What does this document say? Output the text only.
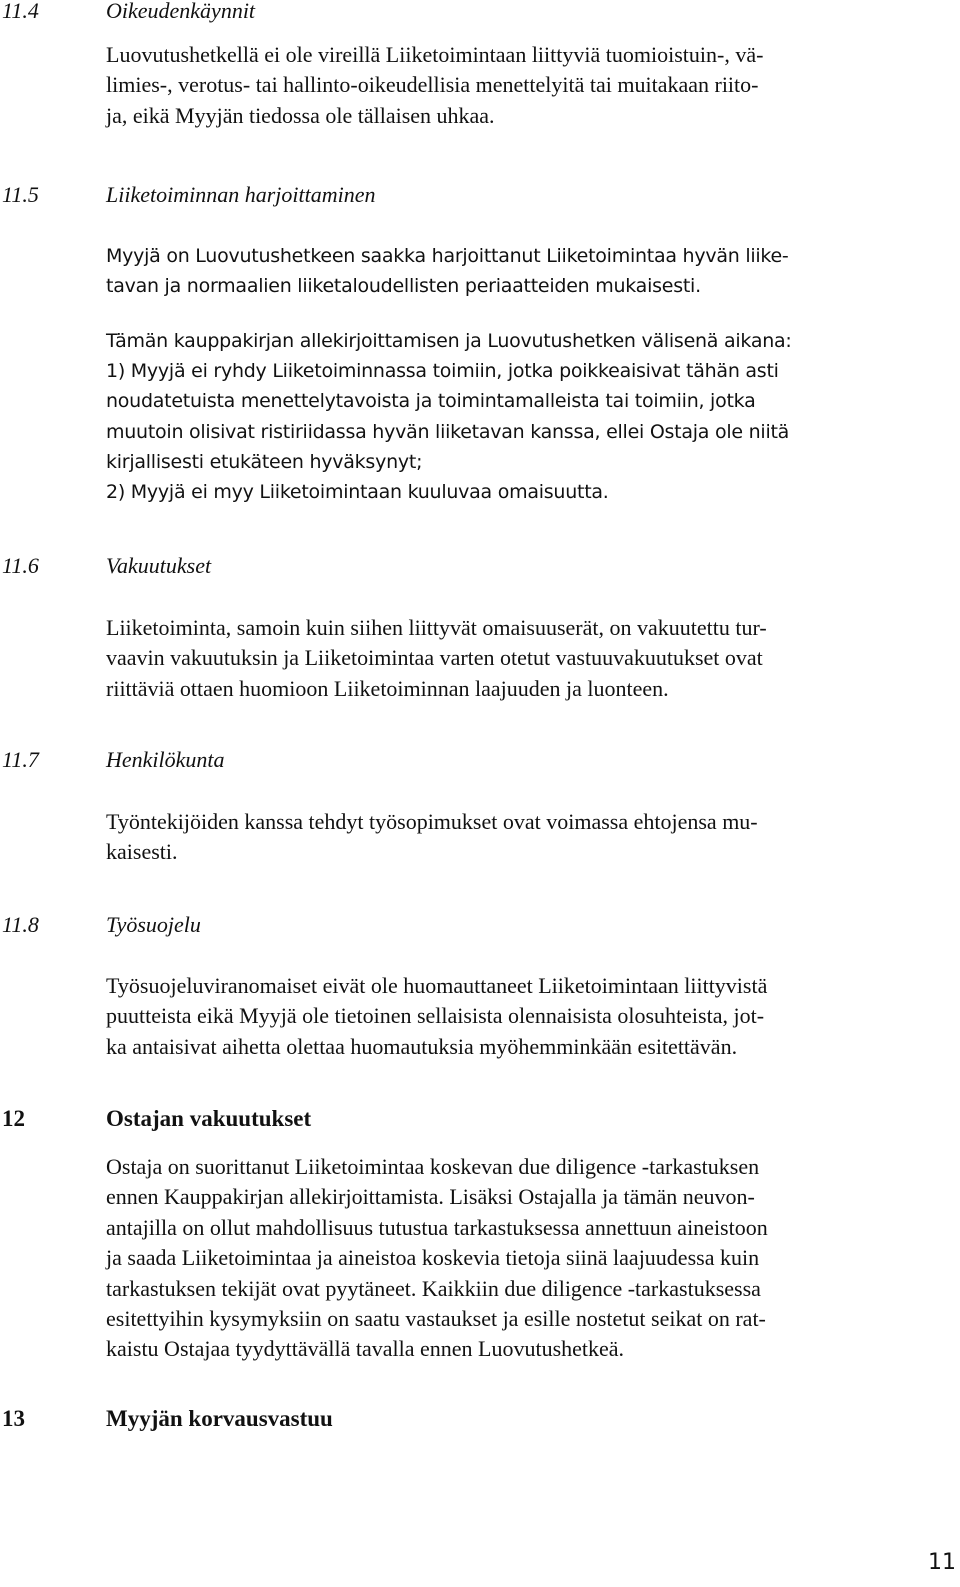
11.4	Oikeudenkäynnit
Luovutushetkellä ei ole vireillä Liiketoimintaan liittyviä tuomioistuin-, vä-
limies-, verotus- tai hallinto-oikeudellisia menettelyitä tai muitakaan riito-
ja, eikä Myyjän tiedossa ole tällaisen uhkaa.
11.5	Liiketoiminnan harjoittaminen
Myyjä on Luovutushetkeen saakka harjoittanut Liiketoimintaa hyvän liike-
tavan ja normaalien liiketaloudellisten periaatteiden mukaisesti.
Tämän kauppakirjan allekirjoittamisen ja Luovutushetken välisenä aikana:
1) Myyjä ei ryhdy Liiketoiminnassa toimiin, jotka poikkeaisivat tähän asti
noudatetuista menettelytavoista ja toimintamalleista tai toimiin, jotka
muutoin olisivat ristiriidassa hyvän liiketavan kanssa, ellei Ostaja ole niitä
kirjallisesti etukäteen hyväksynyt;
2) Myyjä ei myy Liiketoimintaan kuuluvaa omaisuutta.
11.6	Vakuutukset
Liiketoiminta, samoin kuin siihen liittyvät omaisuuserät, on vakuutettu tur-
vaavin vakuutuksin ja Liiketoimintaa varten otetut vastuuvakuutukset ovat
riittäviä ottaen huomioon Liiketoiminnan laajuuden ja luonteen.
11.7	Henkilökunta
Työntekijöiden kanssa tehdyt työsopimukset ovat voimassa ehtojensa mu-
kaisesti.
11.8	Työsuojelu
Työsuojeluviranomaiset eivät ole huomauttaneet Liiketoimintaan liittyvistä
puutteista eikä Myyjä ole tietoinen sellaisista olennaisista olosuhteista, jot-
ka antaisivat aihetta olettaa huomautuksia myöhemminkään esitettävän.
12	Ostajan vakuutukset
Ostaja on suorittanut Liiketoimintaa koskevan due diligence -tarkastuksen
ennen Kauppakirjan allekirjoittamista. Lisäksi Ostajalla ja tämän neuvon-
antajilla on ollut mahdollisuus tutustua tarkastuksessa annettuun aineistoon
ja saada Liiketoimintaa ja aineistoa koskevia tietoja siinä laajuudessa kuin
tarkastuksen tekijät ovat pyytäneet. Kaikkiin due diligence -tarkastuksessa
esitettyihin kysymyksiin on saatu vastaukset ja esille nostetut seikat on rat-
kaistu Ostajaa tyydyttävällä tavalla ennen Luovutushetkeä.
13	Myyjän korvausvastuu
11
